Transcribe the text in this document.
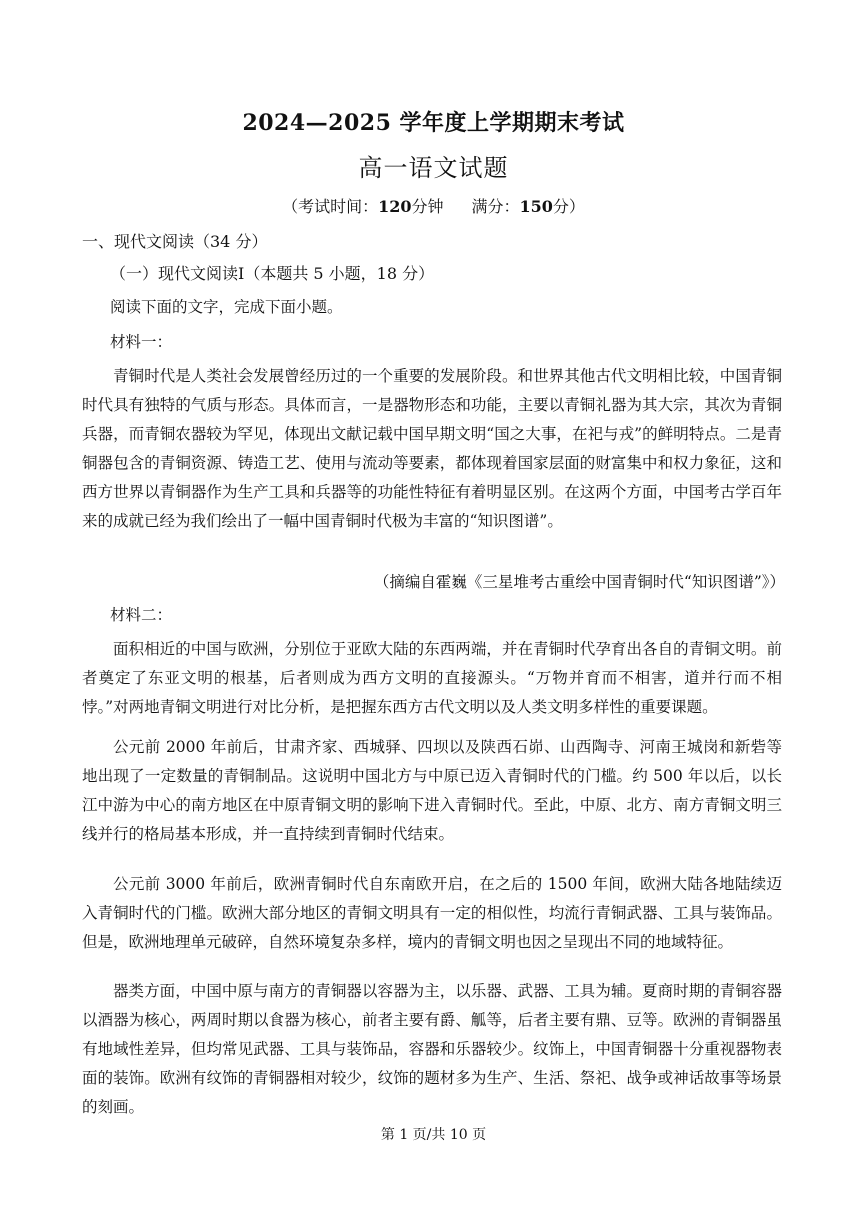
2024—2025 学年度上学期期末考试
高一语文试题
（考试时间：120分钟 满分：150分）
一、现代文阅读（34 分）
（一）现代文阅读Ⅰ（本题共 5 小题，18 分）
阅读下面的文字，完成下面小题。
材料一：
青铜时代是人类社会发展曾经历过的一个重要的发展阶段。和世界其他古代文明相比较，中国青铜时代具有独特的气质与形态。具体而言，一是器物形态和功能，主要以青铜礼器为其大宗，其次为青铜兵器，而青铜农器较为罕见，体现出文献记载中国早期文明“国之大事，在祀与戎”的鲜明特点。二是青铜器包含的青铜资源、铸造工艺、使用与流动等要素，都体现着国家层面的财富集中和权力象征，这和西方世界以青铜器作为生产工具和兵器等的功能性特征有着明显区别。在这两个方面，中国考古学百年来的成就已经为我们绘出了一幅中国青铜时代极为丰富的“知识图谱”。
（摘编自霍巍《三星堆考古重绘中国青铜时代“知识图谱”》）
材料二：
面积相近的中国与欧洲，分别位于亚欧大陆的东西两端，并在青铜时代孕育出各自的青铜文明。前者奠定了东亚文明的根基，后者则成为西方文明的直接源头。“万物并育而不相害，道并行而不相悖。”对两地青铜文明进行对比分析，是把握东西方古代文明以及人类文明多样性的重要课题。
公元前 2000 年前后，甘肃齐家、西城驿、四坝以及陕西石峁、山西陶寺、河南王城岗和新砦等地出现了一定数量的青铜制品。这说明中国北方与中原已迈入青铜时代的门槛。约 500 年以后，以长江中游为中心的南方地区在中原青铜文明的影响下进入青铜时代。至此，中原、北方、南方青铜文明三线并行的格局基本形成，并一直持续到青铜时代结束。
公元前 3000 年前后，欧洲青铜时代自东南欧开启，在之后的 1500 年间，欧洲大陆各地陆续迈入青铜时代的门槛。欧洲大部分地区的青铜文明具有一定的相似性，均流行青铜武器、工具与装饰品。但是，欧洲地理单元破碎，自然环境复杂多样，境内的青铜文明也因之呈现出不同的地域特征。
器类方面，中国中原与南方的青铜器以容器为主，以乐器、武器、工具为辅。夏商时期的青铜容器以酒器为核心，两周时期以食器为核心，前者主要有爵、觚等，后者主要有鼎、豆等。欧洲的青铜器虽有地域性差异，但均常见武器、工具与装饰品，容器和乐器较少。纹饰上，中国青铜器十分重视器物表面的装饰。欧洲有纹饰的青铜器相对较少，纹饰的题材多为生产、生活、祭祀、战争或神话故事等场景的刻画。
第 1 页/共 10 页
